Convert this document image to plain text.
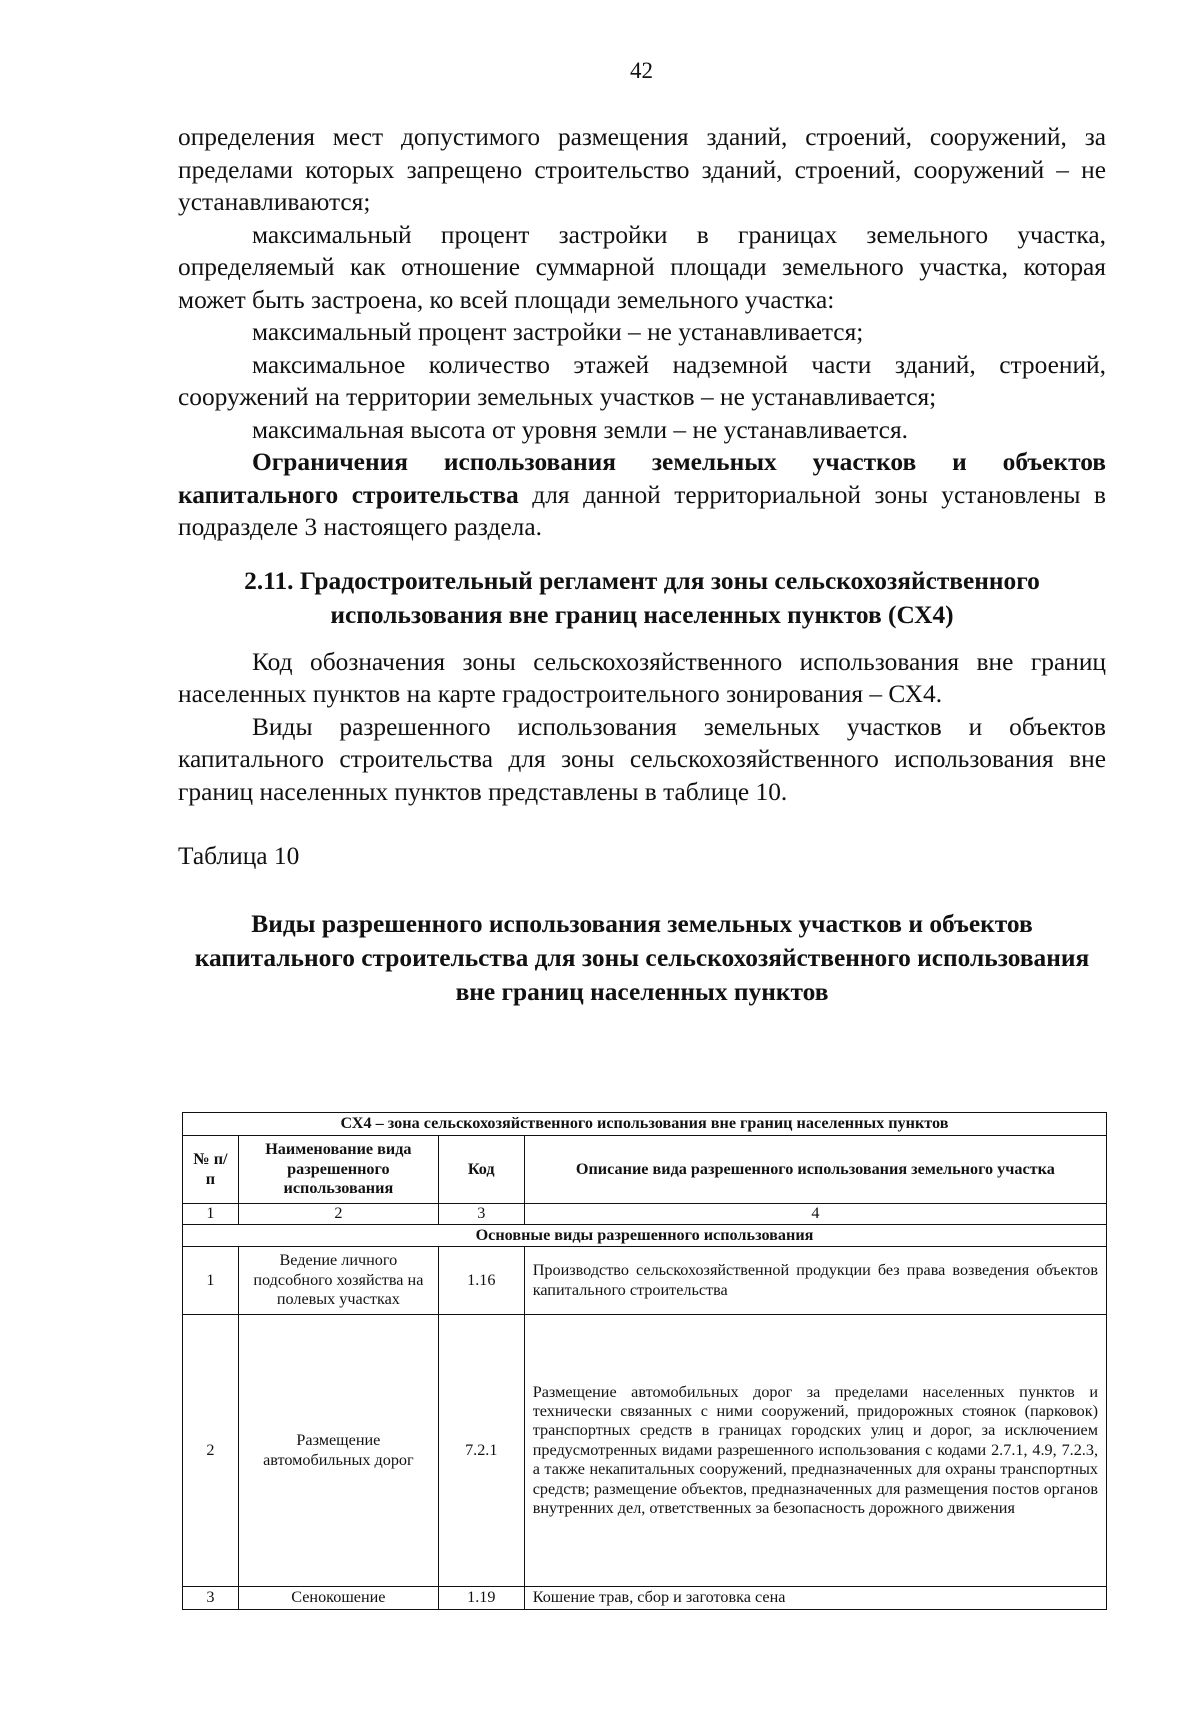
42

определения мест допустимого размещения зданий, строений, сооружений, за пределами которых запрещено строительство зданий, строений, сооружений – не устанавливаются;

максимальный процент застройки в границах земельного участка, определяемый как отношение суммарной площади земельного участка, которая может быть застроена, ко всей площади земельного участка:

максимальный процент застройки – не устанавливается;

максимальное количество этажей надземной части зданий, строений, сооружений на территории земельных участков – не устанавливается;

максимальная высота от уровня земли – не устанавливается.

Ограничения использования земельных участков и объектов капитального строительства для данной территориальной зоны установлены в подразделе 3 настоящего раздела.

2.11. Градостроительный регламент для зоны сельскохозяйственного использования вне границ населенных пунктов (СХ4)

Код обозначения зоны сельскохозяйственного использования вне границ населенных пунктов на карте градостроительного зонирования – СХ4.

Виды разрешенного использования земельных участков и объектов капитального строительства для зоны сельскохозяйственного использования вне границ населенных пунктов представлены в таблице 10.

Таблица 10

Виды разрешенного использования земельных участков и объектов капитального строительства для зоны сельскохозяйственного использования вне границ населенных пунктов
СХ4 – зона сельскохозяйственного использования вне границ населенных пунктов			
№ п/п	Наименование вида разрешенного использования	Код	Описание вида разрешенного использования земельного участка
1	2	3	4
Основные виды разрешенного использования			
1	Ведение личного подсобного хозяйства на полевых участках	1.16	Производство сельскохозяйственной продукции без права возведения объектов капитального строительства
2	Размещение автомобильных дорог	7.2.1	Размещение автомобильных дорог за пределами населенных пунктов и технически связанных с ними сооружений, придорожных стоянок (парковок) транспортных средств в границах городских улиц и дорог, за исключением предусмотренных видами разрешенного использования с кодами 2.7.1, 4.9, 7.2.3, а также некапитальных сооружений, предназначенных для охраны транспортных средств; размещение объектов, предназначенных для размещения постов органов внутренних дел, ответственных за безопасность дорожного движения
3	Сенокошение	1.19	Кошение трав, сбор и заготовка сена
